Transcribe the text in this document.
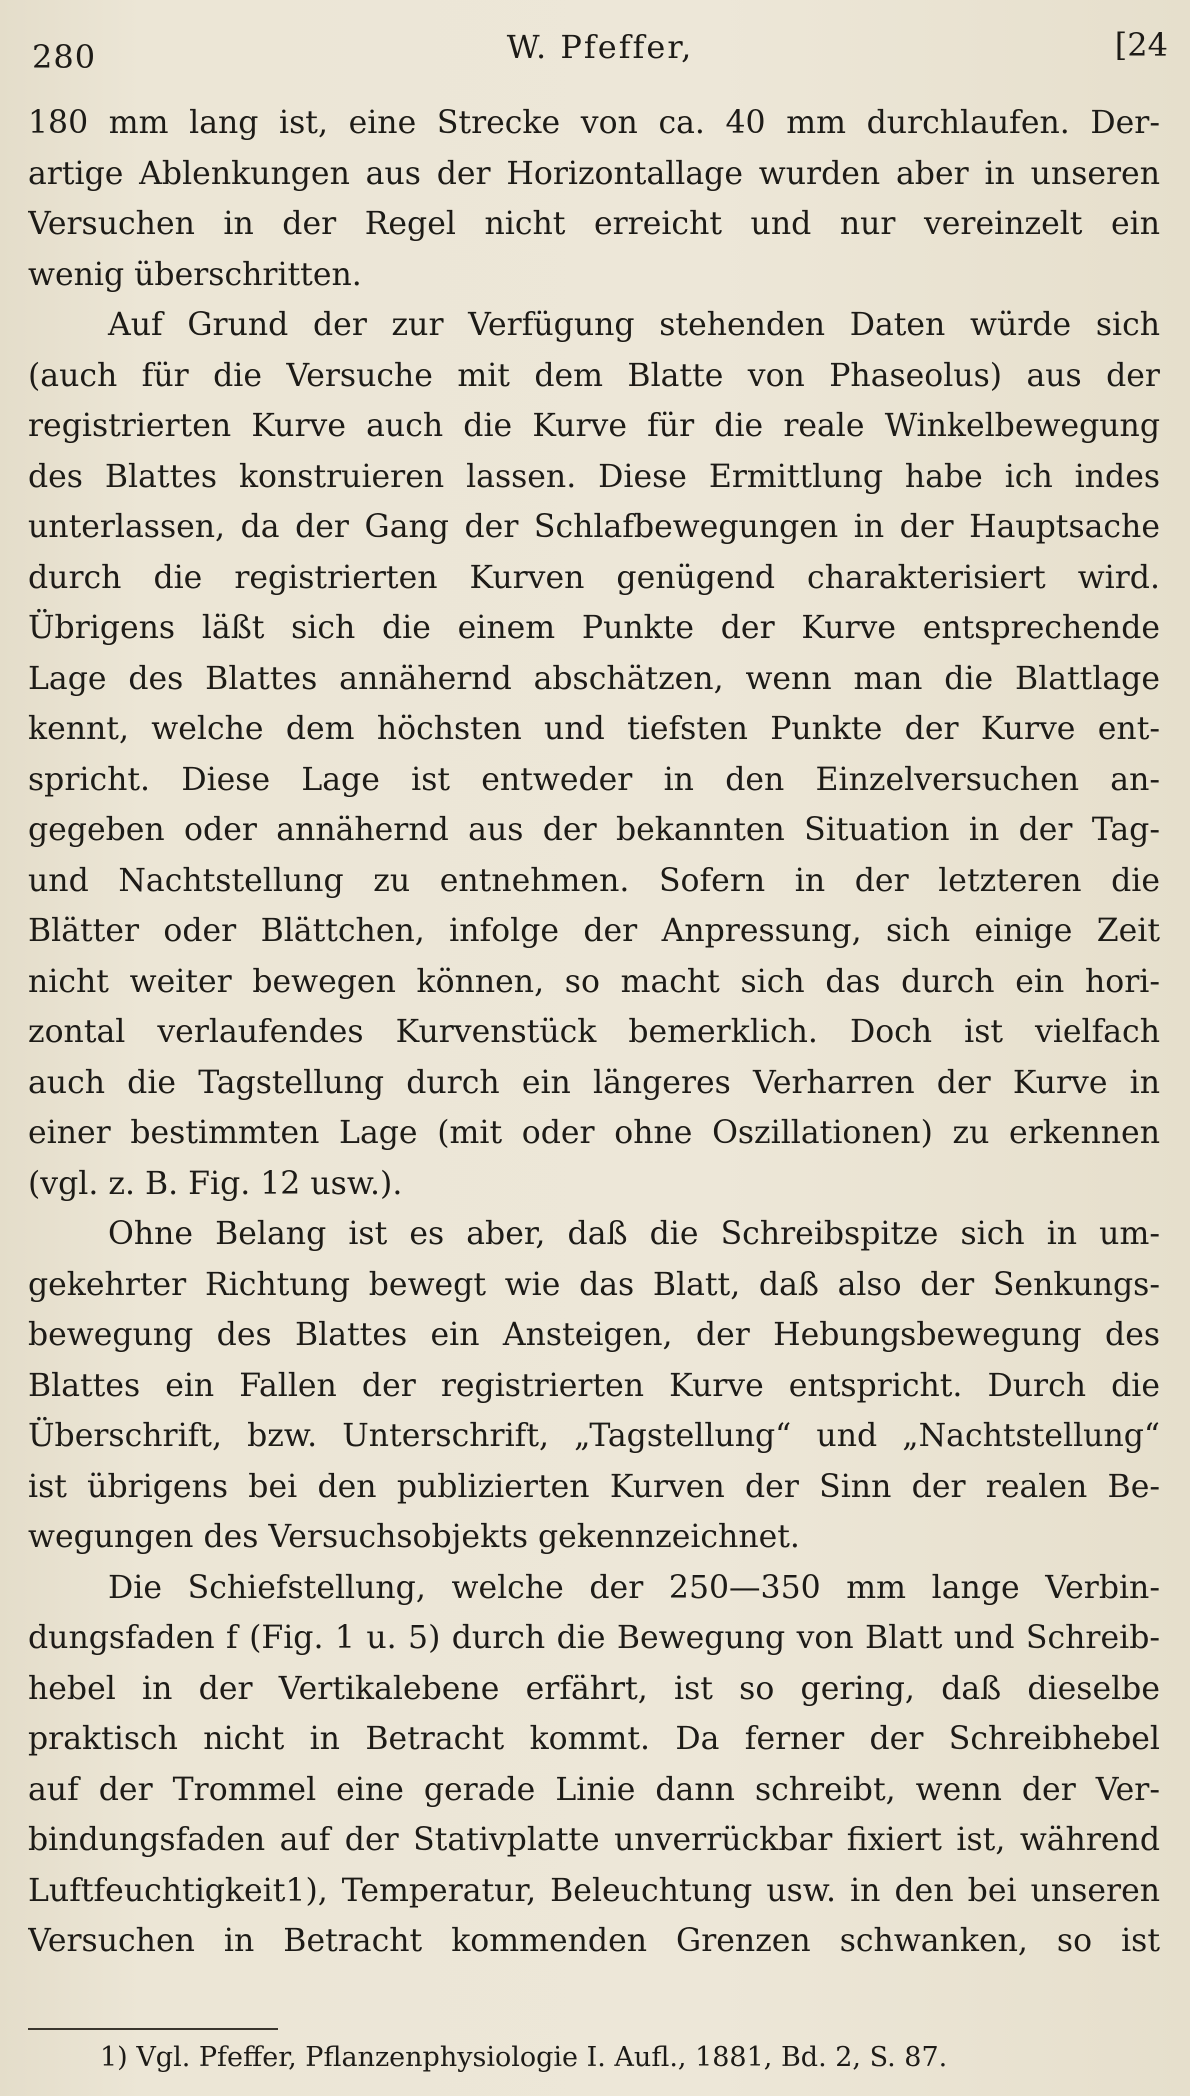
280	W. Pfeffer,	[24
180 mm lang ist, eine Strecke von ca. 40 mm durchlaufen. Der-
artige Ablenkungen aus der Horizontallage wurden aber in unseren
Versuchen in der Regel nicht erreicht und nur vereinzelt ein
wenig überschritten.
Auf Grund der zur Verfügung stehenden Daten würde sich
(auch für die Versuche mit dem Blatte von Phaseolus) aus der
registrierten Kurve auch die Kurve für die reale Winkelbewegung
des Blattes konstruieren lassen. Diese Ermittlung habe ich indes
unterlassen, da der Gang der Schlafbewegungen in der Hauptsache
durch die registrierten Kurven genügend charakterisiert wird.
Übrigens läßt sich die einem Punkte der Kurve entsprechende
Lage des Blattes annähernd abschätzen, wenn man die Blattlage
kennt, welche dem höchsten und tiefsten Punkte der Kurve ent-
spricht. Diese Lage ist entweder in den Einzelversuchen an-
gegeben oder annähernd aus der bekannten Situation in der Tag-
und Nachtstellung zu entnehmen. Sofern in der letzteren die
Blätter oder Blättchen, infolge der Anpressung, sich einige Zeit
nicht weiter bewegen können, so macht sich das durch ein hori-
zontal verlaufendes Kurvenstück bemerklich. Doch ist vielfach
auch die Tagstellung durch ein längeres Verharren der Kurve in
einer bestimmten Lage (mit oder ohne Oszillationen) zu erkennen
(vgl. z. B. Fig. 12 usw.).
Ohne Belang ist es aber, daß die Schreibspitze sich in um-
gekehrter Richtung bewegt wie das Blatt, daß also der Senkungs-
bewegung des Blattes ein Ansteigen, der Hebungsbewegung des
Blattes ein Fallen der registrierten Kurve entspricht. Durch die
Überschrift, bzw. Unterschrift, „Tagstellung“ und „Nachtstellung“
ist übrigens bei den publizierten Kurven der Sinn der realen Be-
wegungen des Versuchsobjekts gekennzeichnet.
Die Schiefstellung, welche der 250—350 mm lange Verbin-
dungsfaden f (Fig. 1 u. 5) durch die Bewegung von Blatt und Schreib-
hebel in der Vertikalebene erfährt, ist so gering, daß dieselbe
praktisch nicht in Betracht kommt. Da ferner der Schreibhebel
auf der Trommel eine gerade Linie dann schreibt, wenn der Ver-
bindungsfaden auf der Stativplatte unverrückbar fixiert ist, während
Luftfeuchtigkeit1), Temperatur, Beleuchtung usw. in den bei unseren
Versuchen in Betracht kommenden Grenzen schwanken, so ist
1) Vgl. Pfeffer, Pflanzenphysiologie I. Aufl., 1881, Bd. 2, S. 87.
